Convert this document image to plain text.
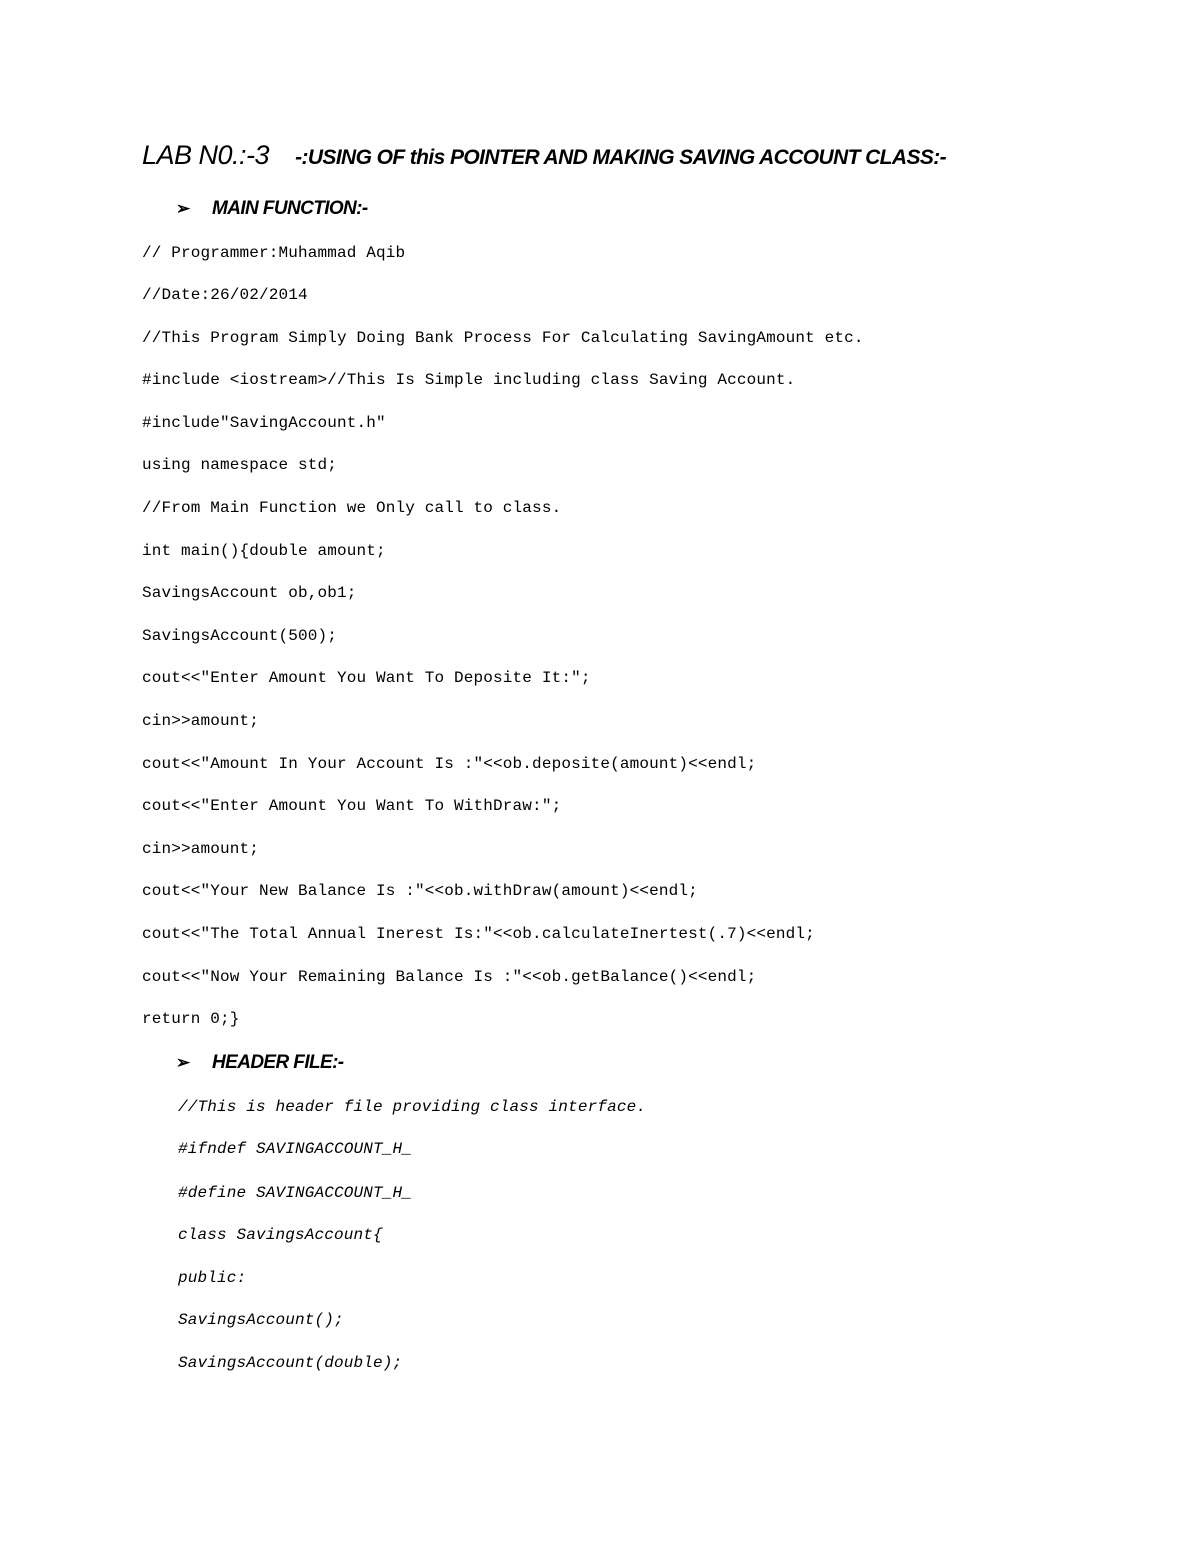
LAB N0.:-3 -:USING OF this POINTER AND MAKING SAVING ACCOUNT CLASS:-
➢ MAIN FUNCTION:-
// Programmer:Muhammad Aqib
//Date:26/02/2014
//This Program Simply Doing Bank Process For Calculating SavingAmount etc.
#include <iostream>//This Is Simple including class Saving Account.
#include"SavingAccount.h"
using namespace std;
//From Main Function we Only call to class.
int main(){double amount;
SavingsAccount ob,ob1;
SavingsAccount(500);
cout<<"Enter Amount You Want To Deposite It:";
cin>>amount;
cout<<"Amount In Your Account Is :"<<ob.deposite(amount)<<endl;
cout<<"Enter Amount You Want To WithDraw:";
cin>>amount;
cout<<"Your New Balance Is :"<<ob.withDraw(amount)<<endl;
cout<<"The Total Annual Inerest Is:"<<ob.calculateInertest(.7)<<endl;
cout<<"Now Your Remaining Balance Is :"<<ob.getBalance()<<endl;
return 0;}
➢ HEADER FILE:-
//This is header file providing class interface.
#ifndef SAVINGACCOUNT_H_
#define SAVINGACCOUNT_H_
class SavingsAccount{
public:
SavingsAccount();
SavingsAccount(double);
